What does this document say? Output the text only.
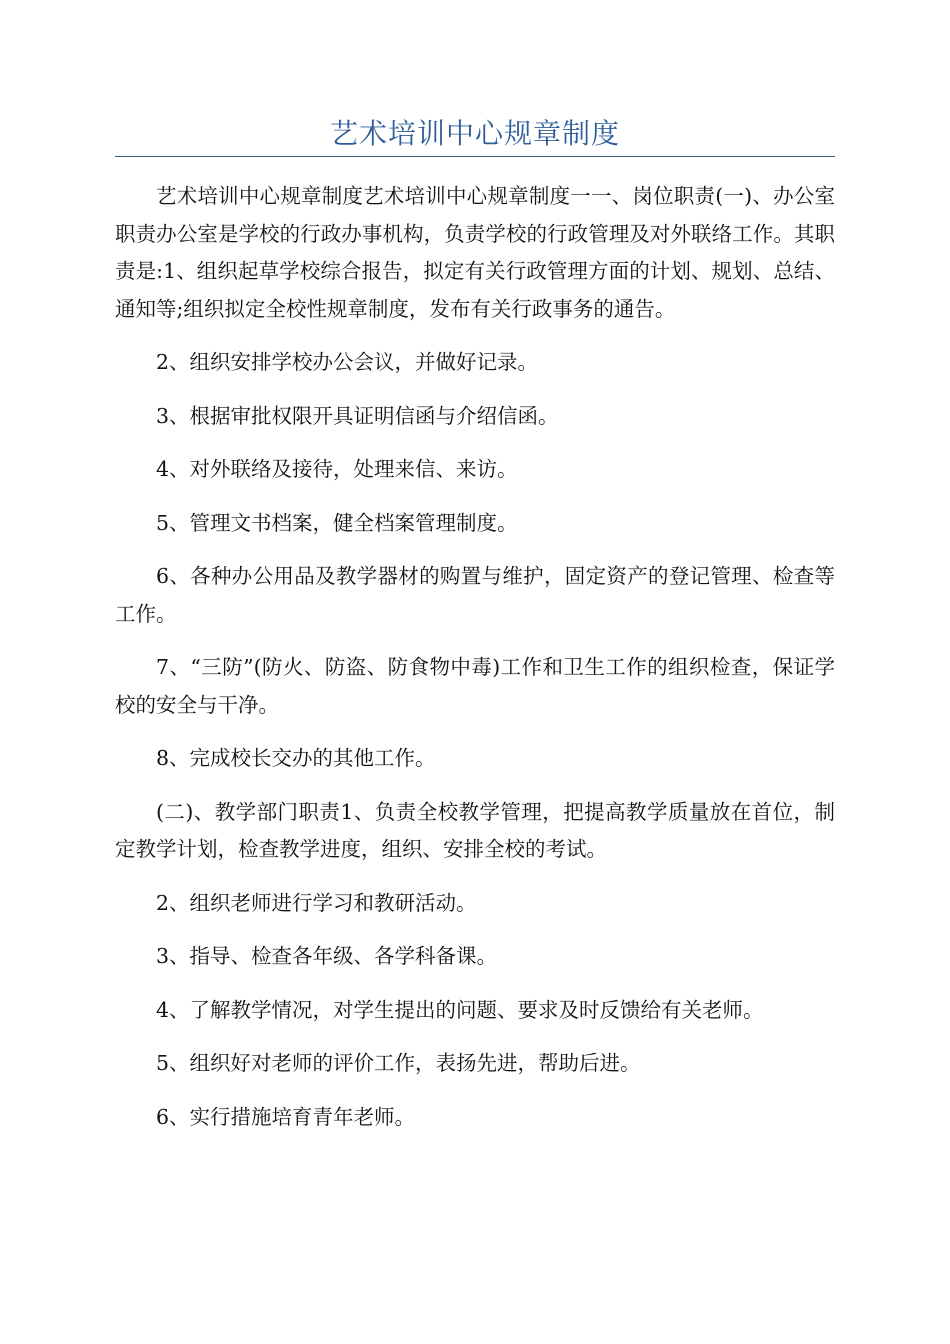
艺术培训中心规章制度

艺术培训中心规章制度艺术培训中心规章制度一一、岗位职责(一)、办公室职责办公室是学校的行政办事机构，负责学校的行政管理及对外联络工作。其职责是:1、组织起草学校综合报告，拟定有关行政管理方面的计划、规划、总结、通知等;组织拟定全校性规章制度，发布有关行政事务的通告。

2、组织安排学校办公会议，并做好记录。

3、根据审批权限开具证明信函与介绍信函。

4、对外联络及接待，处理来信、来访。

5、管理文书档案，健全档案管理制度。

6、各种办公用品及教学器材的购置与维护，固定资产的登记管理、检查等工作。

7、“三防”(防火、防盗、防食物中毒)工作和卫生工作的组织检查，保证学校的安全与干净。

8、完成校长交办的其他工作。

(二)、教学部门职责1、负责全校教学管理，把提高教学质量放在首位，制定教学计划，检查教学进度，组织、安排全校的考试。

2、组织老师进行学习和教研活动。

3、指导、检查各年级、各学科备课。

4、了解教学情况，对学生提出的问题、要求及时反馈给有关老师。

5、组织好对老师的评价工作，表扬先进，帮助后进。

6、实行措施培育青年老师。
